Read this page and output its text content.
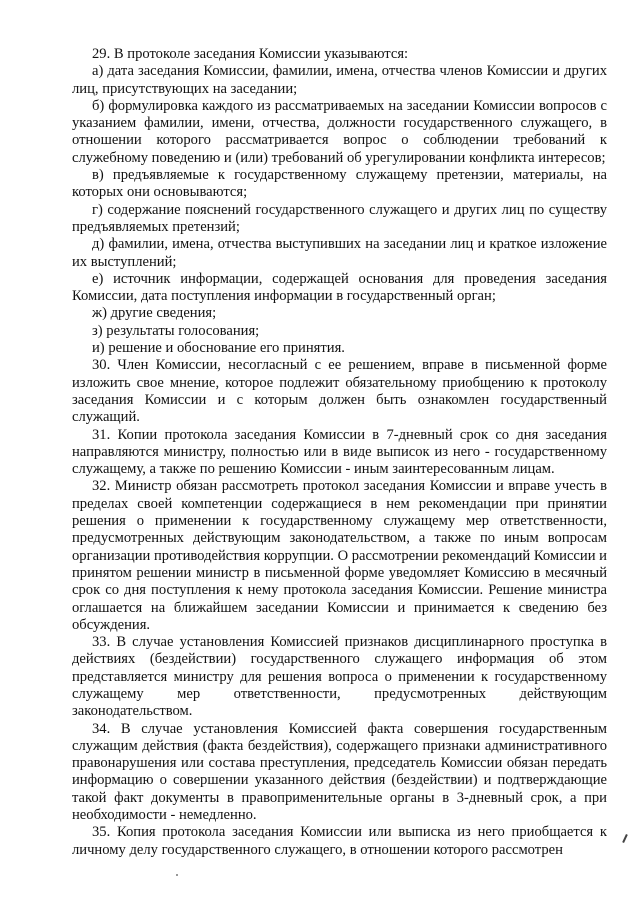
29. В протоколе заседания Комиссии указываются:

а) дата заседания Комиссии, фамилии, имена, отчества членов Комиссии и других лиц, присутствующих на заседании;

б) формулировка каждого из рассматриваемых на заседании Комиссии вопросов с указанием фамилии, имени, отчества, должности государственного служащего, в отношении которого рассматривается вопрос о соблюдении требований к служебному поведению и (или) требований об урегулировании конфликта интересов;

в) предъявляемые к государственному служащему претензии, материалы, на которых они основываются;

г) содержание пояснений государственного служащего и других лиц по существу предъявляемых претензий;

д) фамилии, имена, отчества выступивших на заседании лиц и краткое изложение их выступлений;

е) источник информации, содержащей основания для проведения заседания Комиссии, дата поступления информации в государственный орган;

ж) другие сведения;

з) результаты голосования;

и) решение и обоснование его принятия.

30. Член Комиссии, несогласный с ее решением, вправе в письменной форме изложить свое мнение, которое подлежит обязательному приобщению к протоколу заседания Комиссии и с которым должен быть ознакомлен государственный служащий.

31. Копии протокола заседания Комиссии в 7-дневный срок со дня заседания направляются министру, полностью или в виде выписок из него - государственному служащему, а также по решению Комиссии - иным заинтересованным лицам.

32. Министр обязан рассмотреть протокол заседания Комиссии и вправе учесть в пределах своей компетенции содержащиеся в нем рекомендации при принятии решения о применении к государственному служащему мер ответственности, предусмотренных действующим законодательством, а также по иным вопросам организации противодействия коррупции. О рассмотрении рекомендаций Комиссии и принятом решении министр в письменной форме уведомляет Комиссию в месячный срок со дня поступления к нему протокола заседания Комиссии. Решение министра оглашается на ближайшем заседании Комиссии и принимается к сведению без обсуждения.

33. В случае установления Комиссией признаков дисциплинарного проступка в действиях (бездействии) государственного служащего информация об этом представляется министру для решения вопроса о применении к государственному служащему мер ответственности, предусмотренных действующим законодательством.

34. В случае установления Комиссией факта совершения государственным служащим действия (факта бездействия), содержащего признаки административного правонарушения или состава преступления, председатель Комиссии обязан передать информацию о совершении указанного действия (бездействии) и подтверждающие такой факт документы в правоприменительные органы в 3-дневный срок, а при необходимости - немедленно.

35. Копия протокола заседания Комиссии или выписка из него приобщается к личному делу государственного служащего, в отношении которого рассмотрен
